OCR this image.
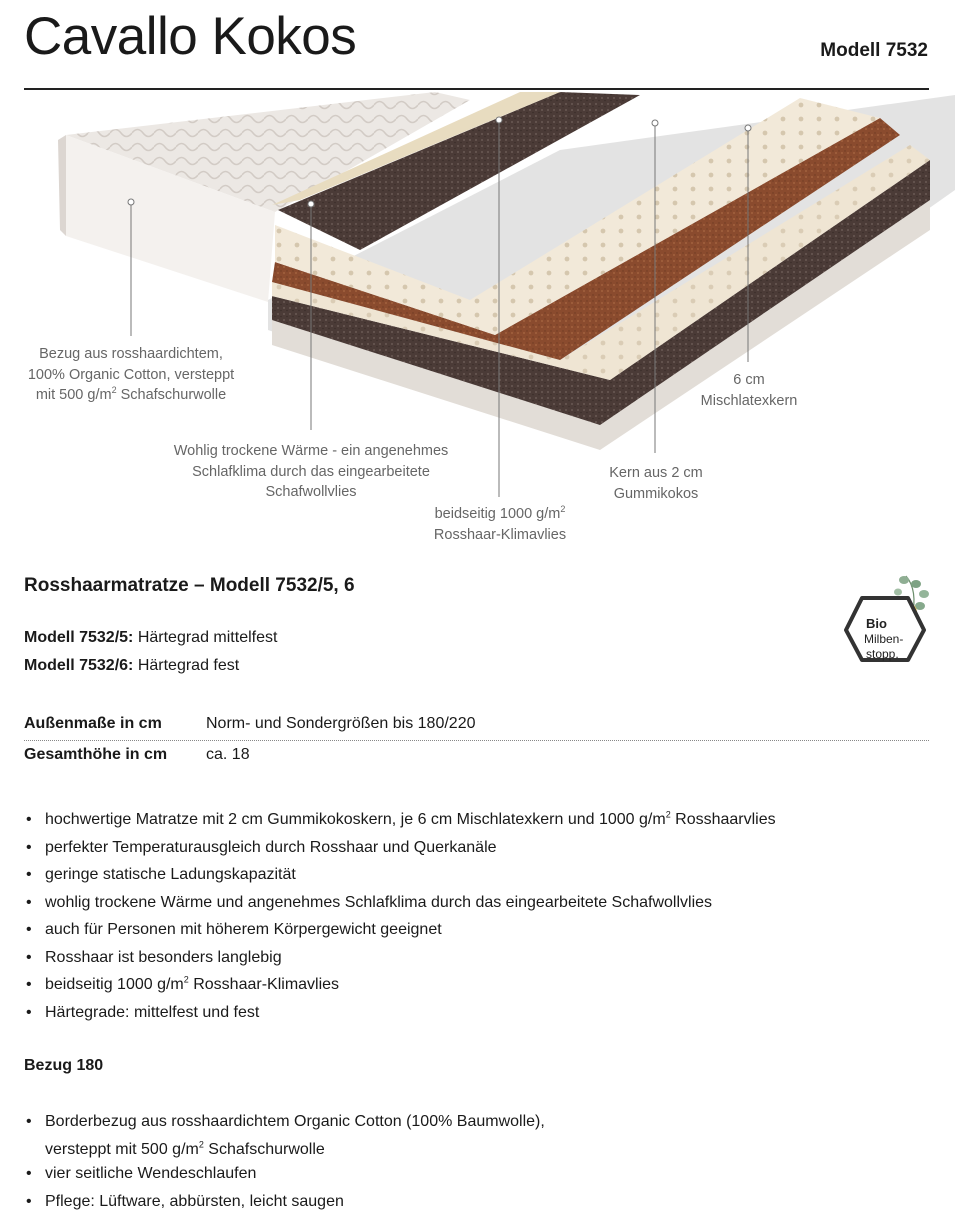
Cavallo Kokos	Modell 7532
Bezug aus rosshaardichtem,
100% Organic Cotton, versteppt
mit 500 $g/m^2$ Schafschurwolle
Wohlig trockene Wärme - ein angenehmes
Schlafklima durch das eingearbeitete
Schafwollvlies
beidseitig 1000 $g/m^2$
Rosshaar-Klimavlies
Kern aus 2 cm
Gummikokos
6 cm
Mischlatexkern
Rosshaarmatratze – Modell 7532/5, 6
Modell 7532/5: Härtegrad mittelfest
Modell 7532/6: Härtegrad fest
Bio
Milben-
stopp.
Außenmaße in cm	Norm- und Sondergrößen bis 180/220
Gesamthöhe in cm ca. 18
• hochwertige Matratze mit 2 cm Gummikokoskern, je 6 cm Mischlatexkern und 1000 $g/m^2$ Rosshaarvlies
• perfekter Temperaturausgleich durch Rosshaar und Querkanäle
• geringe statische Ladungskapazität
• wohlig trockene Wärme und angenehmes Schlafklima durch das eingearbeitete Schafwollvlies
• auch für Personen mit höherem Körpergewicht geeignet
• Rosshaar ist besonders langlebig
• beidseitig 1000 $g/m^2$ Rosshaar-Klimavlies
• Härtegrade: mittelfest und fest
Bezug 180
• Borderbezug aus rosshaardichtem Organic Cotton (100% Baumwolle),
versteppt mit 500 $g/m^2$ Schafschurwolle
• vier seitliche Wendeschlaufen
• Pflege: Lüftware, abbürsten, leicht saugen
